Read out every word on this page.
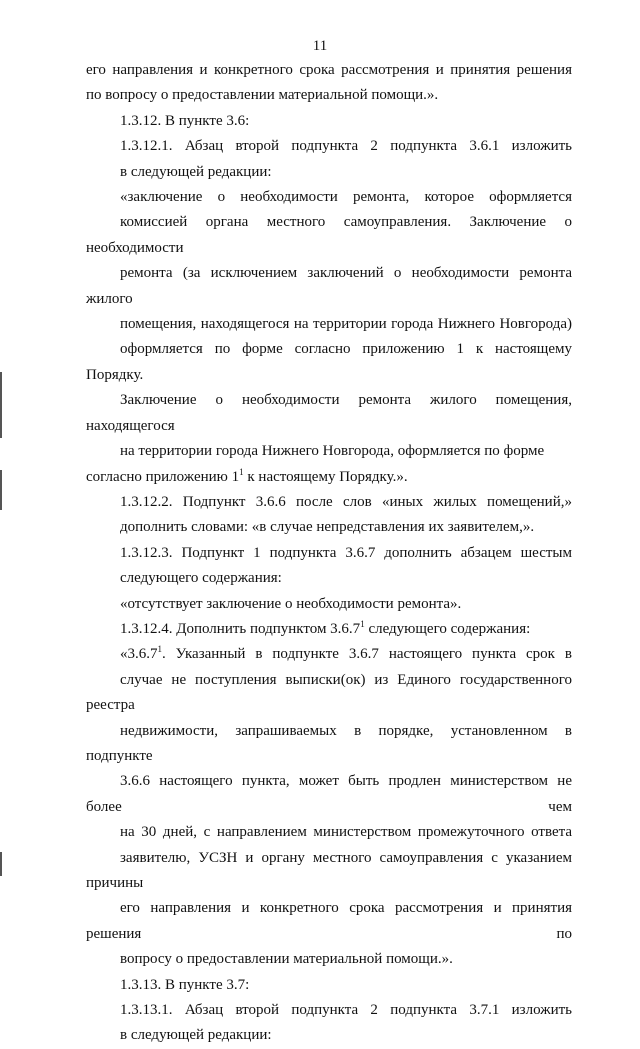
11

его направления и конкретного срока рассмотрения и принятия решения
по вопросу о предоставлении материальной помощи.».

1.3.12. В пункте 3.6:

1.3.12.1. Абзац второй подпункта 2 подпункта 3.6.1 изложить
в следующей редакции:

«заключение о необходимости ремонта, которое оформляется
комиссией органа местного самоуправления. Заключение о необходимости
ремонта (за исключением заключений о необходимости ремонта жилого
помещения, находящегося на территории города Нижнего Новгорода)
оформляется по форме согласно приложению 1 к настоящему Порядку.
Заключение о необходимости ремонта жилого помещения, находящегося
на территории города Нижнего Новгорода, оформляется по форме

согласно приложению $1^1$ к настоящему Порядку.».

1.3.12.2. Подпункт 3.6.6 после слов «иных жилых помещений,»
дополнить словами: «в случае непредставления их заявителем,».

1.3.12.3. Подпункт 1 подпункта 3.6.7 дополнить абзацем шестым
следующего содержания:

«отсутствует заключение о необходимости ремонта».

1.3.12.4. Дополнить подпунктом 3.6.7$^1$ следующего содержания:

«3.6.7$^1$. Указанный в подпункте 3.6.7 настоящего пункта срок в
случае не поступления выписки(ок) из Единого государственного реестра
недвижимости, запрашиваемых в порядке, установленном в подпункте
3.6.6 настоящего пункта, может быть продлен министерством не более чем
на 30 дней, с направлением министерством промежуточного ответа
заявителю, УСЗН и органу местного самоуправления с указанием причины
его направления и конкретного срока рассмотрения и принятия решения по
вопросу о предоставлении материальной помощи.».

1.3.13. В пункте 3.7:

1.3.13.1. Абзац второй подпункта 2 подпункта 3.7.1 изложить
в следующей редакции:
